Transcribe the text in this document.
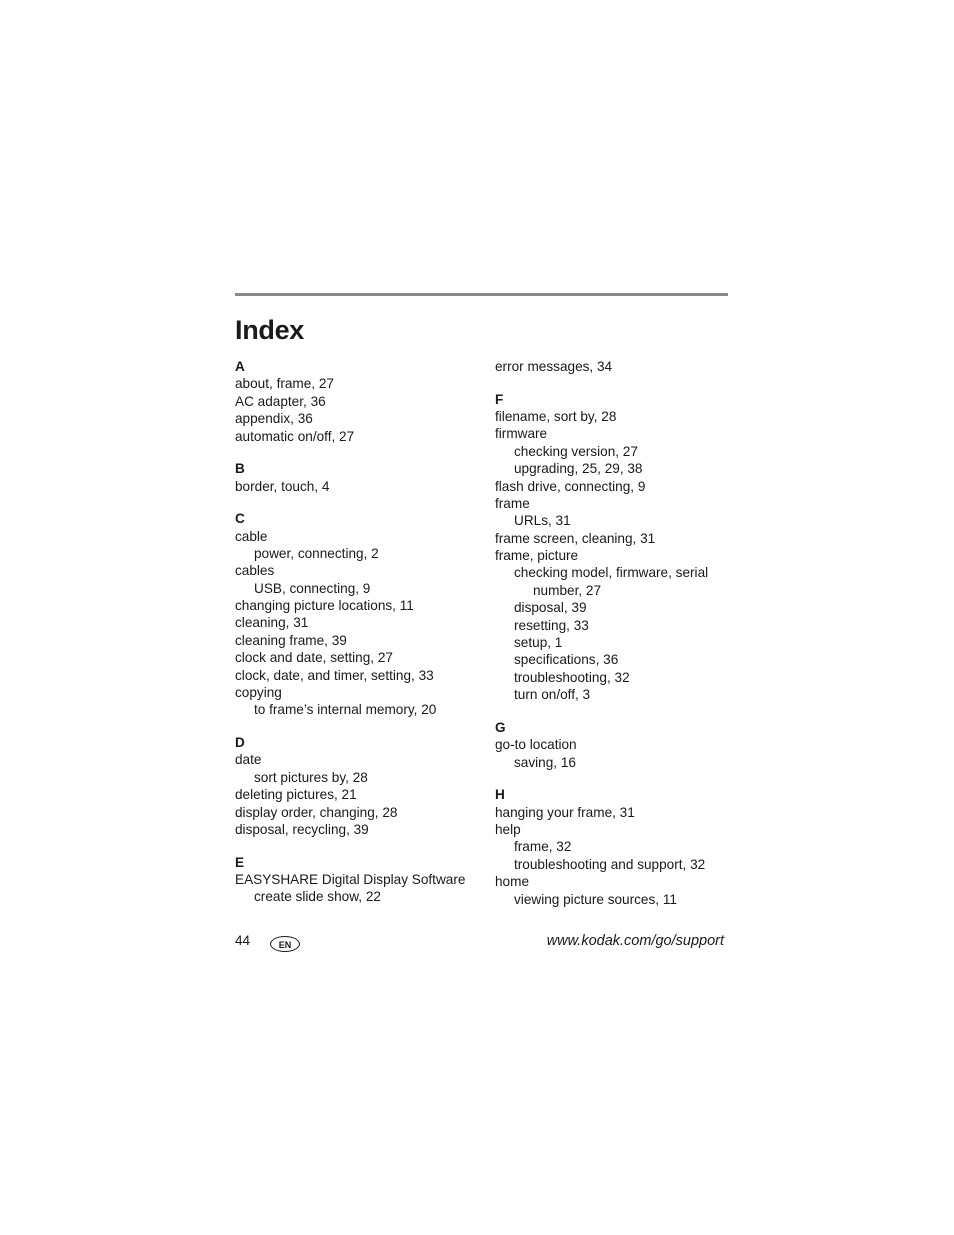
Index
A
about, frame, 27
AC adapter, 36
appendix, 36
automatic on/off, 27
B
border, touch, 4
C
cable
power, connecting, 2
cables
USB, connecting, 9
changing picture locations, 11
cleaning, 31
cleaning frame, 39
clock and date, setting, 27
clock, date, and timer, setting, 33
copying
to frame’s internal memory, 20
D
date
sort pictures by, 28
deleting pictures, 21
display order, changing, 28
disposal, recycling, 39
E
EASYSHARE Digital Display Software
create slide show, 22
error messages, 34
F
filename, sort by, 28
firmware
checking version, 27
upgrading, 25, 29, 38
flash drive, connecting, 9
frame
URLs, 31
frame screen, cleaning, 31
frame, picture
checking model, firmware, serial
number, 27
disposal, 39
resetting, 33
setup, 1
specifications, 36
troubleshooting, 32
turn on/off, 3
G
go-to location
saving, 16
H
hanging your frame, 31
help
frame, 32
troubleshooting and support, 32
home
viewing picture sources, 11
44	EN	www.kodak.com/go/support
